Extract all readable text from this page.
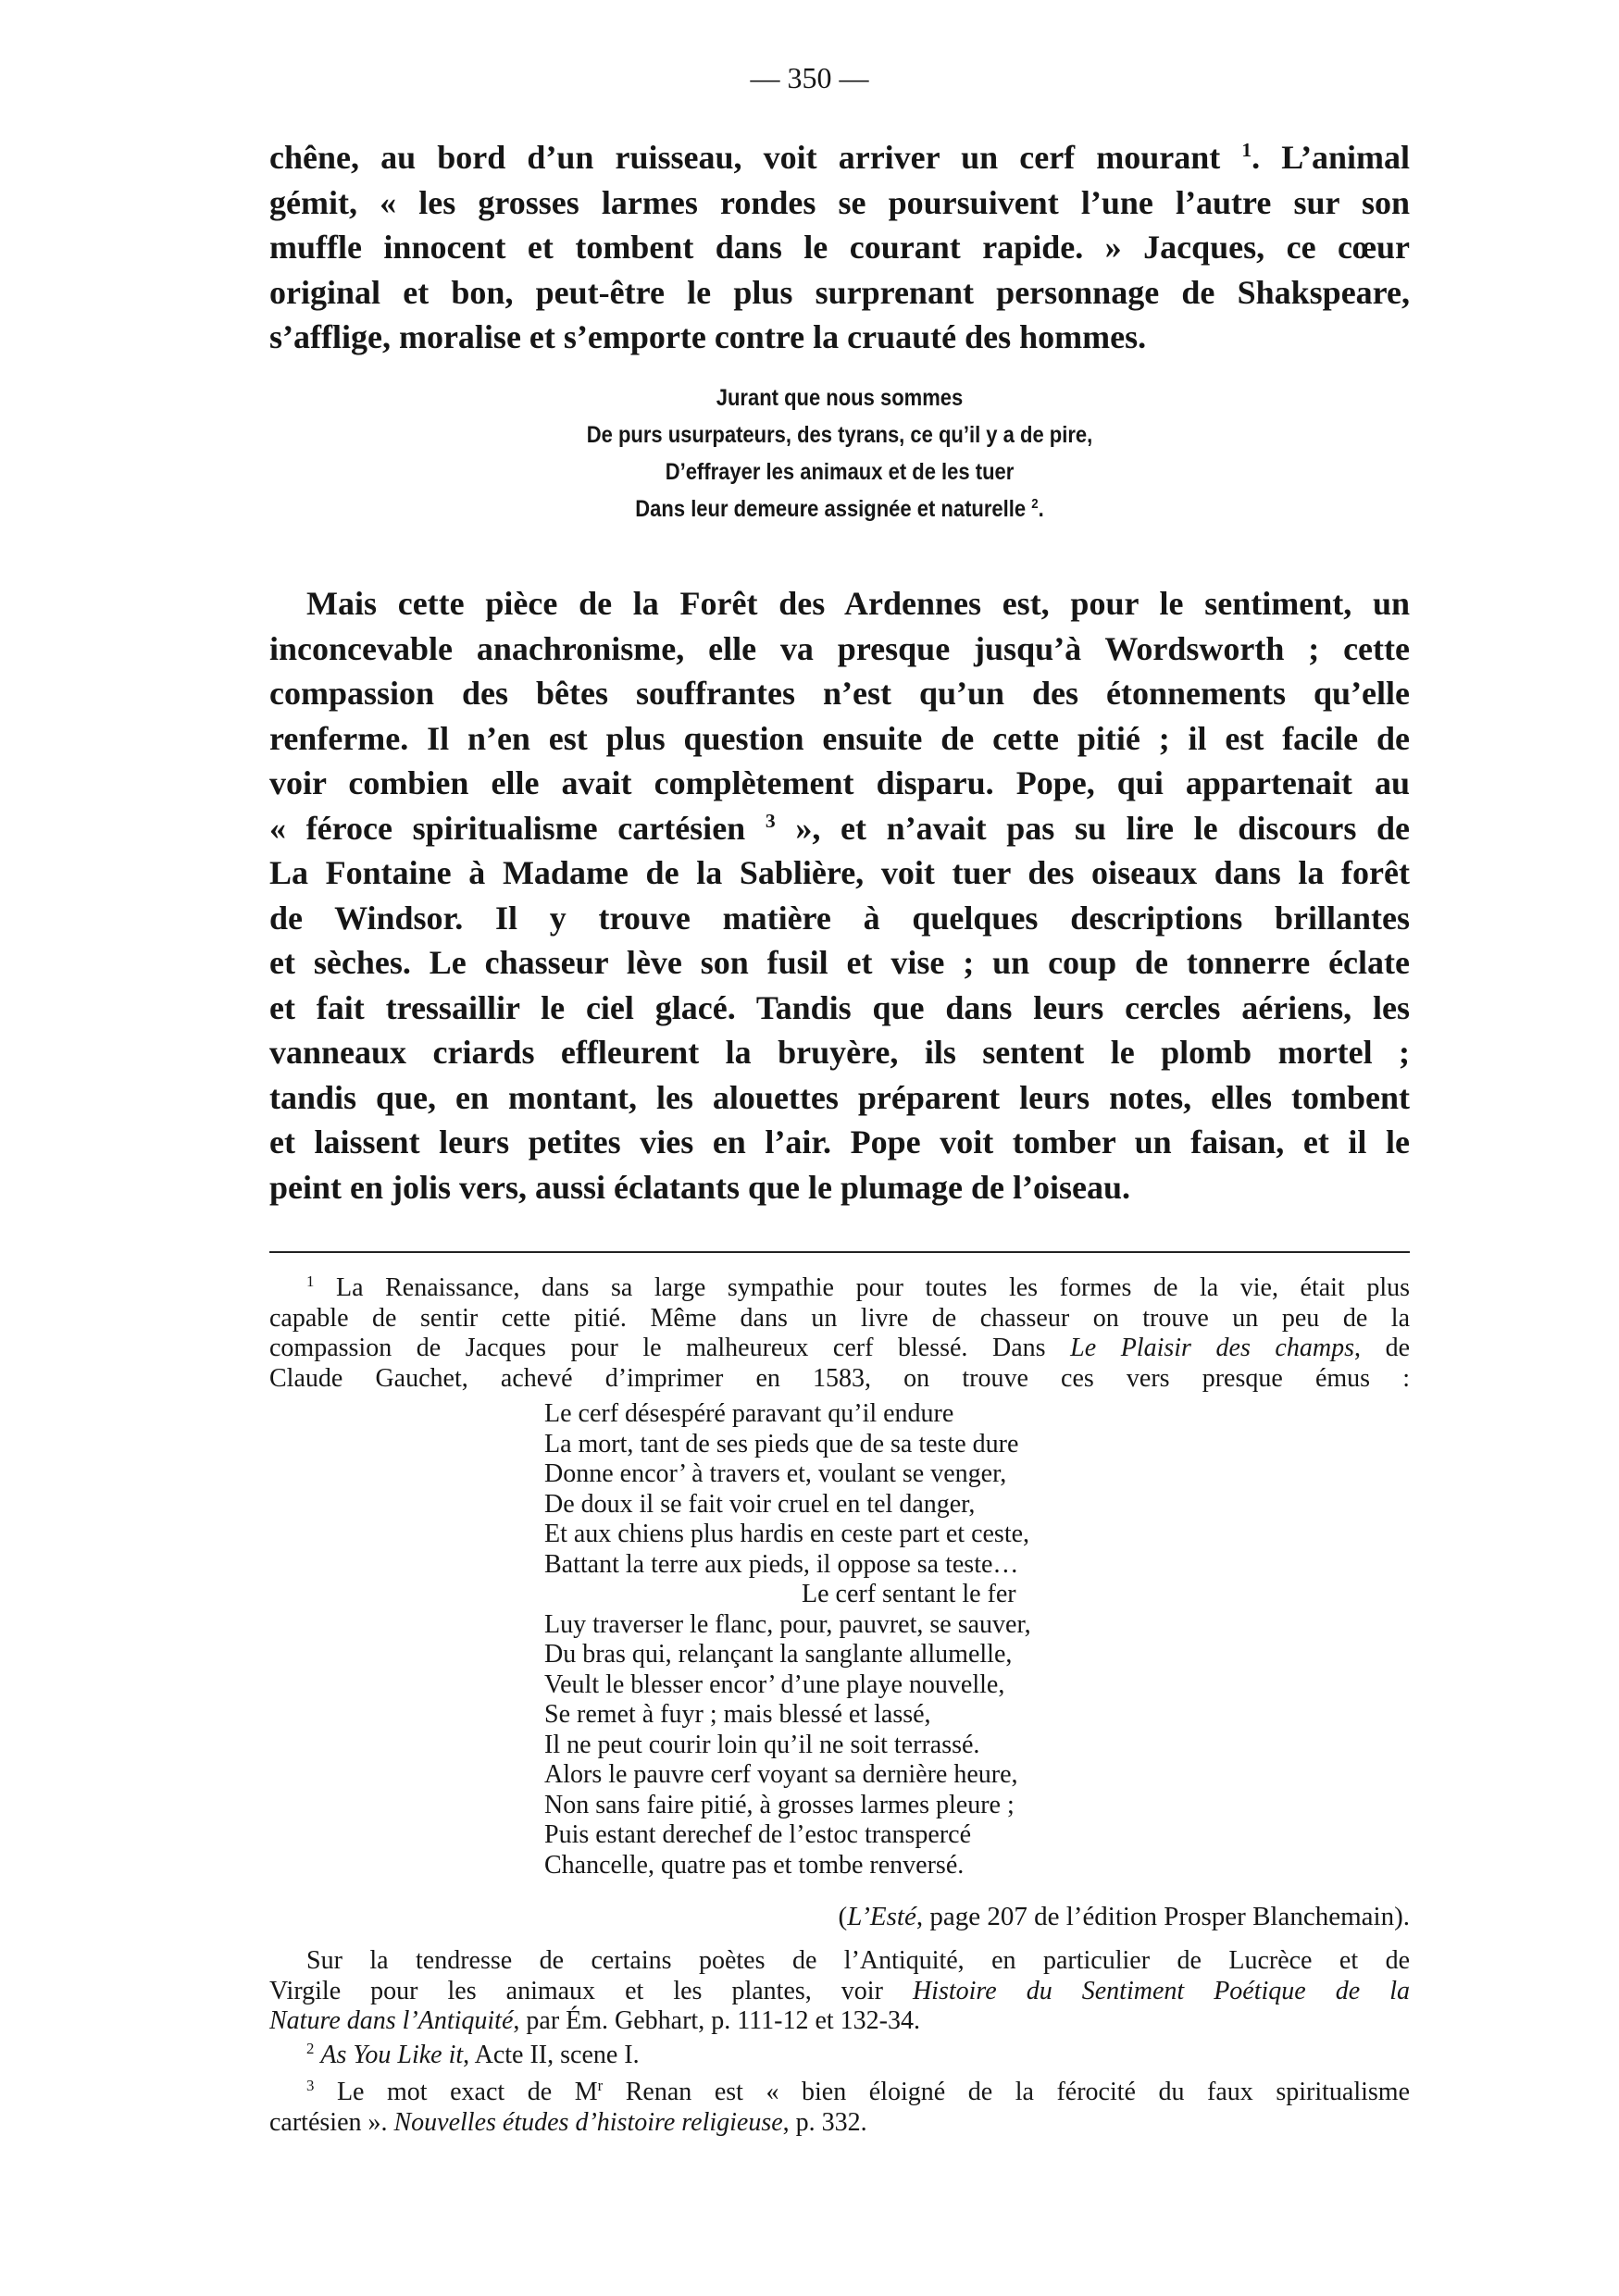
— 350 —
chêne, au bord d’un ruisseau, voit arriver un cerf mourant $^1$. L’animal
gémit, « les grosses larmes rondes se poursuivent l’une l’autre sur son
muffle innocent et tombent dans le courant rapide. » Jacques, ce cœur
original et bon, peut-être le plus surprenant personnage de Shakspeare,
s’afflige, moralise et s’emporte contre la cruauté des hommes.
Jurant que nous sommes
De purs usurpateurs, des tyrans, ce qu’il y a de pire,
D’effrayer les animaux et de les tuer
Dans leur demeure assignée et naturelle $^2$.
Mais cette pièce de la Forêt des Ardennes est, pour le sentiment, un
inconcevable anachronisme, elle va presque jusqu’à Wordsworth ; cette
compassion des bêtes souffrantes n’est qu’un des étonnements qu’elle
renferme. Il n’en est plus question ensuite de cette pitié ; il est facile de
voir combien elle avait complètement disparu. Pope, qui appartenait au
« féroce spiritualisme cartésien $^3$ », et n’avait pas su lire le discours de
La Fontaine à Madame de la Sablière, voit tuer des oiseaux dans la forêt
de Windsor. Il y trouve matière à quelques descriptions brillantes
et sèches. Le chasseur lève son fusil et vise ; un coup de tonnerre éclate
et fait tressaillir le ciel glacé. Tandis que dans leurs cercles aériens, les
vanneaux criards effleurent la bruyère, ils sentent le plomb mortel ;
tandis que, en montant, les alouettes préparent leurs notes, elles tombent
et laissent leurs petites vies en l’air. Pope voit tomber un faisan, et il le
peint en jolis vers, aussi éclatants que le plumage de l’oiseau.
$^1$ La Renaissance, dans sa large sympathie pour toutes les formes de la vie, était plus
capable de sentir cette pitié. Même dans un livre de chasseur on trouve un peu de la
compassion de Jacques pour le malheureux cerf blessé. Dans Le Plaisir des champs, de
Claude Gauchet, achevé d’imprimer en 1583, on trouve ces vers presque émus :
Le cerf désespéré paravant qu’il endure
La mort, tant de ses pieds que de sa teste dure
Donne encor’ à travers et, voulant se venger,
De doux il se fait voir cruel en tel danger,
Et aux chiens plus hardis en ceste part et ceste,
Battant la terre aux pieds, il oppose sa teste…
Le cerf sentant le fer
Luy traverser le flanc, pour, pauvret, se sauver,
Du bras qui, relançant la sanglante allumelle,
Veult le blesser encor’ d’une playe nouvelle,
Se remet à fuyr ; mais blessé et lassé,
Il ne peut courir loin qu’il ne soit terrassé.
Alors le pauvre cerf voyant sa dernière heure,
Non sans faire pitié, à grosses larmes pleure ;
Puis estant derechef de l’estoc transpercé
Chancelle, quatre pas et tombe renversé.
(L’Esté, page 207 de l’édition Prosper Blanchemain).
Sur la tendresse de certains poètes de l’Antiquité, en particulier de Lucrèce et de
Virgile pour les animaux et les plantes, voir Histoire du Sentiment Poétique de la
Nature dans l’Antiquité, par Ém. Gebhart, p. 111-12 et 132-34.
$^2$ As You Like it, Acte II, scene I.
$^3$ Le mot exact de $M^r$ Renan est « bien éloigné de la férocité du faux spiritualisme
cartésien ». Nouvelles études d’histoire religieuse, p. 332.
